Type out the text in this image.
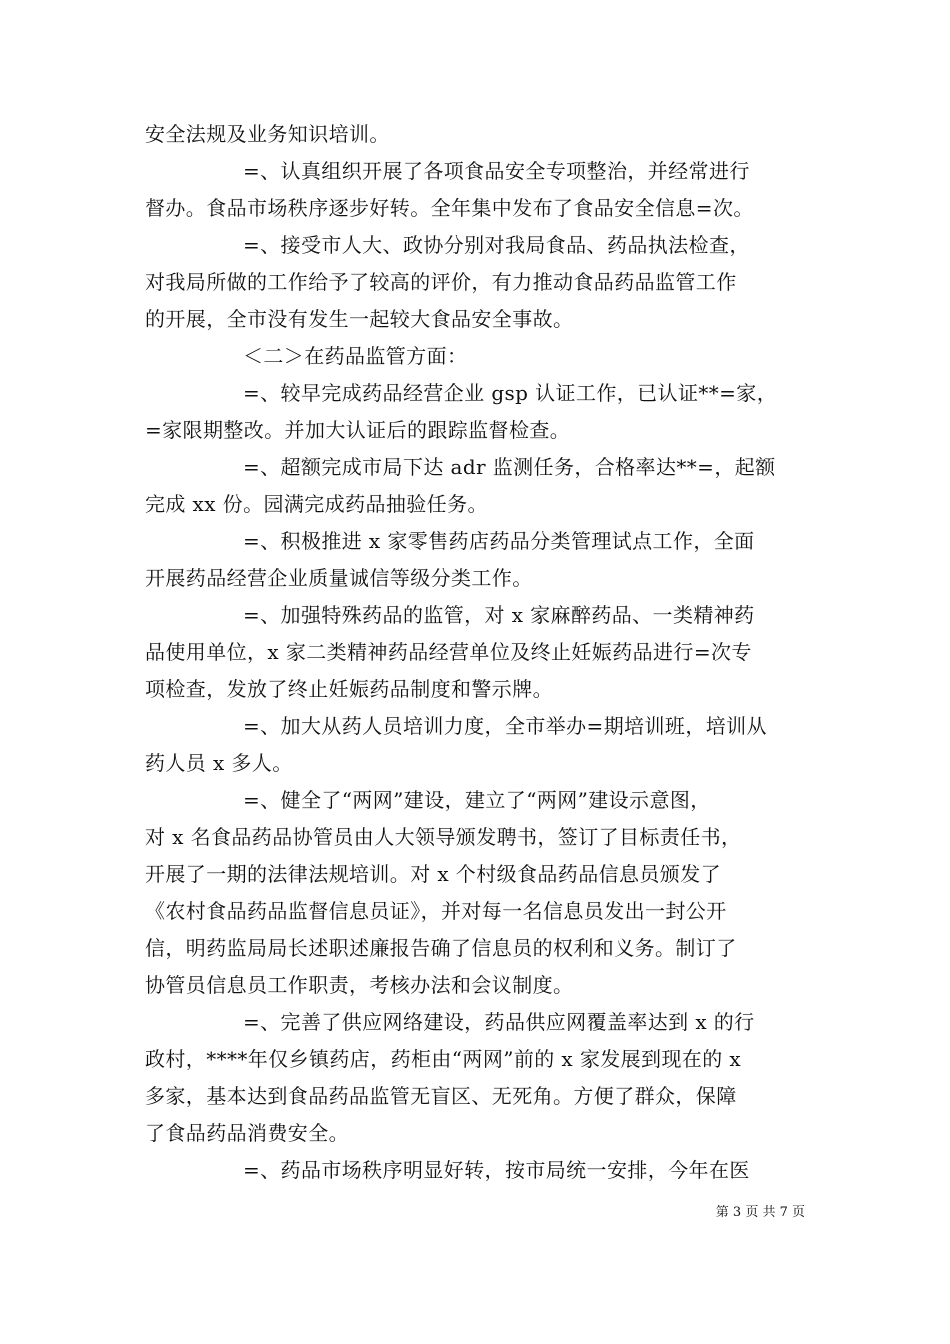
安全法规及业务知识培训。
=、认真组织开展了各项食品安全专项整治，并经常进行
督办。食品市场秩序逐步好转。全年集中发布了食品安全信息=次。
=、接受市人大、政协分别对我局食品、药品执法检查，
对我局所做的工作给予了较高的评价，有力推动食品药品监管工作
的开展，全市没有发生一起较大食品安全事故。
＜二＞在药品监管方面：
=、较早完成药品经营企业 gsp 认证工作，已认证**=家，
=家限期整改。并加大认证后的跟踪监督检查。
=、超额完成市局下达 adr 监测任务，合格率达**=，起额
完成 xx 份。园满完成药品抽验任务。
=、积极推进 x 家零售药店药品分类管理试点工作，全面
开展药品经营企业质量诚信等级分类工作。
=、加强特殊药品的监管，对 x 家麻醉药品、一类精神药
品使用单位，x 家二类精神药品经营单位及终止妊娠药品进行=次专
项检查，发放了终止妊娠药品制度和警示牌。
=、加大从药人员培训力度，全市举办=期培训班，培训从
药人员 x 多人。
=、健全了“两网”建设，建立了“两网”建设示意图，
对 x 名食品药品协管员由人大领导颁发聘书，签订了目标责任书，
开展了一期的法律法规培训。对 x 个村级食品药品信息员颁发了
《农村食品药品监督信息员证》，并对每一名信息员发出一封公开
信，明药监局局长述职述廉报告确了信息员的权利和义务。制订了
协管员信息员工作职责，考核办法和会议制度。
=、完善了供应网络建设，药品供应网覆盖率达到 x 的行
政村，****年仅乡镇药店，药柜由“两网”前的 x 家发展到现在的 x
多家，基本达到食品药品监管无盲区、无死角。方便了群众，保障
了食品药品消费安全。
=、药品市场秩序明显好转，按市局统一安排，今年在医
第 3 页 共 7 页
